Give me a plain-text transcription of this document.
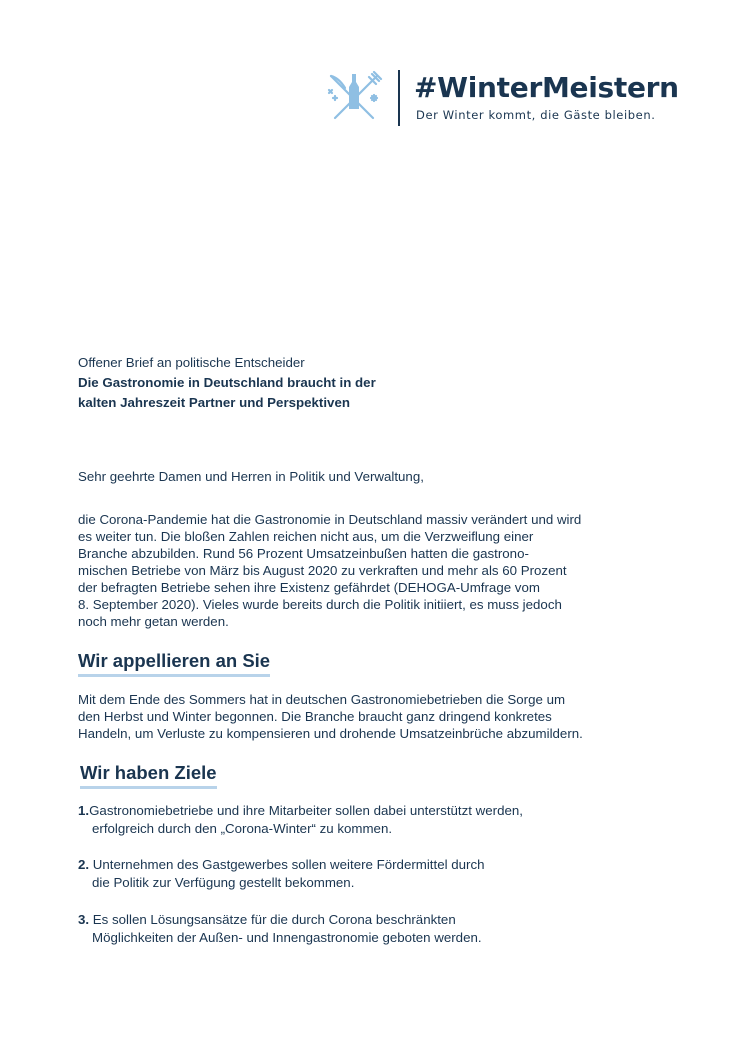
#WinterMeistern
Der Winter kommt, die Gäste bleiben.

Offener Brief an politische Entscheider

Die Gastronomie in Deutschland braucht in der

kalten Jahreszeit Partner und Perspektiven

Sehr geehrte Damen und Herren in Politik und Verwaltung,

die Corona-Pandemie hat die Gastronomie in Deutschland massiv verändert und wird

es weiter tun. Die bloßen Zahlen reichen nicht aus, um die Verzweiflung einer

Branche abzubilden. Rund 56 Prozent Umsatzeinbußen hatten die gastrono-

mischen Betriebe von März bis August 2020 zu verkraften und mehr als 60 Prozent

der befragten Betriebe sehen ihre Existenz gefährdet (DEHOGA-Umfrage vom

8. September 2020). Vieles wurde bereits durch die Politik initiiert, es muss jedoch

noch mehr getan werden.

Wir appellieren an Sie

Mit dem Ende des Sommers hat in deutschen Gastronomiebetrieben die Sorge um

den Herbst und Winter begonnen. Die Branche braucht ganz dringend konkretes

Handeln, um Verluste zu kompensieren und drohende Umsatzeinbrüche abzumildern.

Wir haben Ziele
1.Gastronomiebetriebe und ihre Mitarbeiter sollen dabei unterstützt werden,
erfolgreich durch den „Corona-Winter“ zu kommen.
2. Unternehmen des Gastgewerbes sollen weitere Fördermittel durch
die Politik zur Verfügung gestellt bekommen.
3. Es sollen Lösungsansätze für die durch Corona beschränkten
Möglichkeiten der Außen- und Innengastronomie geboten werden.
